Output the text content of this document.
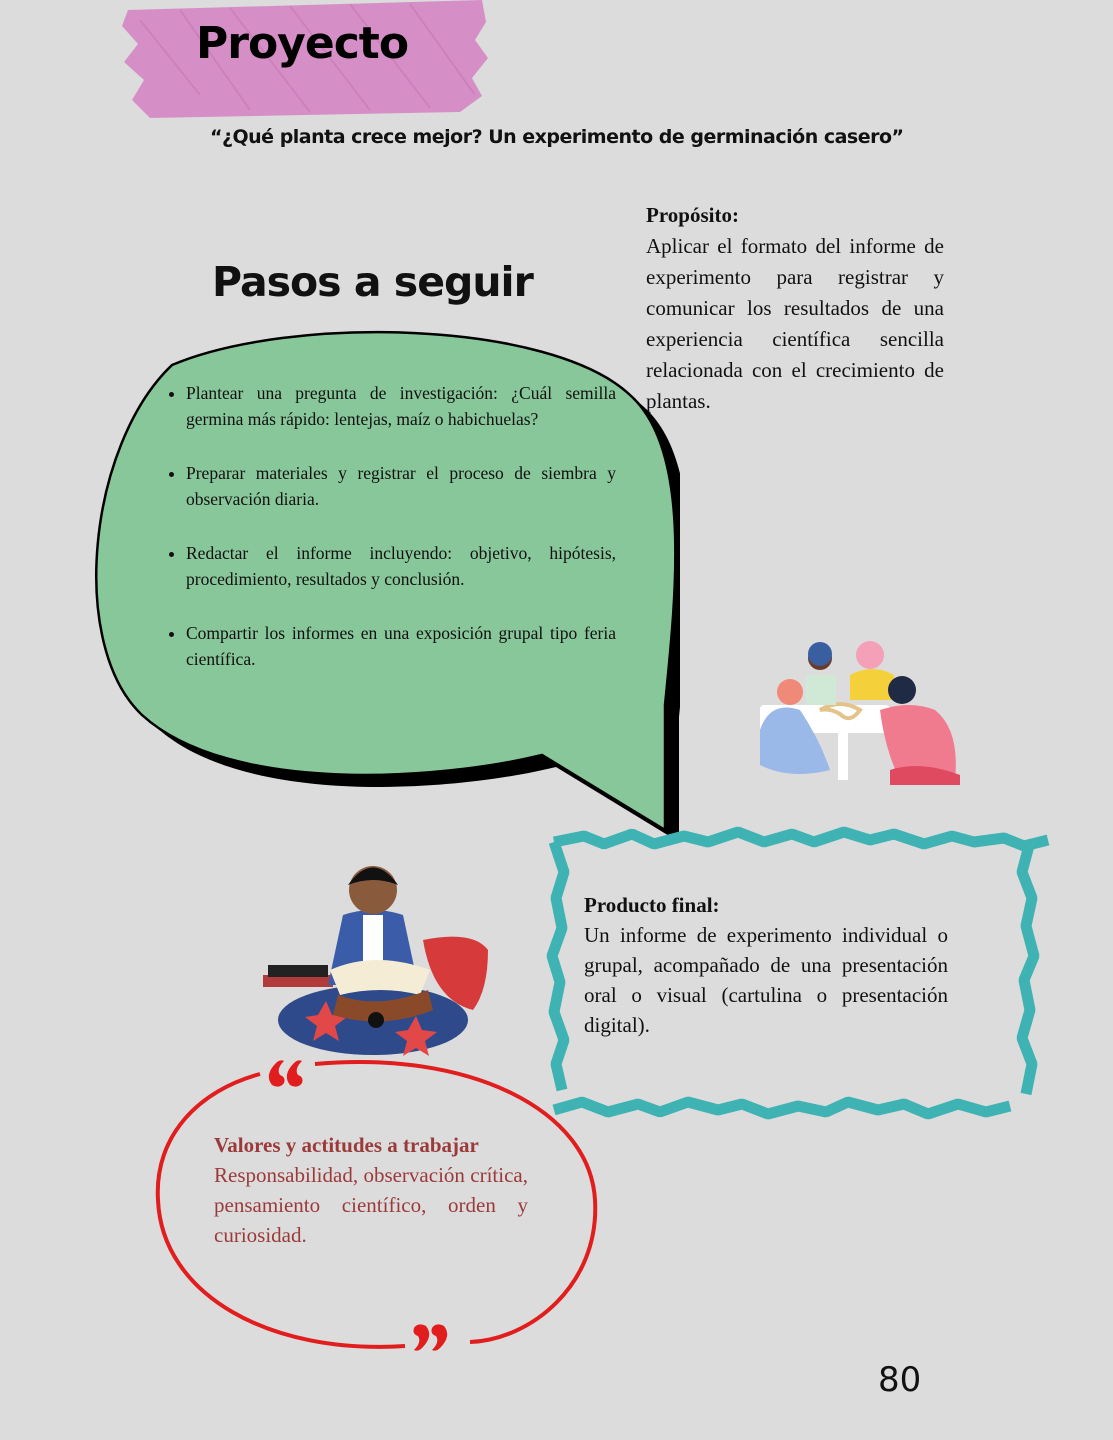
Proyecto
“¿Qué planta crece mejor? Un experimento de germinación casero”
Pasos a seguir
Propósito:
Aplicar el formato del informe de experimento para registrar y comunicar los resultados de una experiencia científica sencilla relacionada con el crecimiento de plantas.
• Plantear una pregunta de investigación: ¿Cuál semilla germina más rápido: lentejas, maíz o habichuelas?
• Preparar materiales y registrar el proceso de siembra y observación diaria.
• Redactar el informe incluyendo: objetivo, hipótesis, procedimiento, resultados y conclusión.
• Compartir los informes en una exposición grupal tipo feria científica.
Producto final:
Un informe de experimento individual o grupal, acompañado de una presentación oral o visual (cartulina o presentación digital).
Valores y actitudes a trabajar
Responsabilidad, observación crítica, pensamiento científico, orden y curiosidad.
80
